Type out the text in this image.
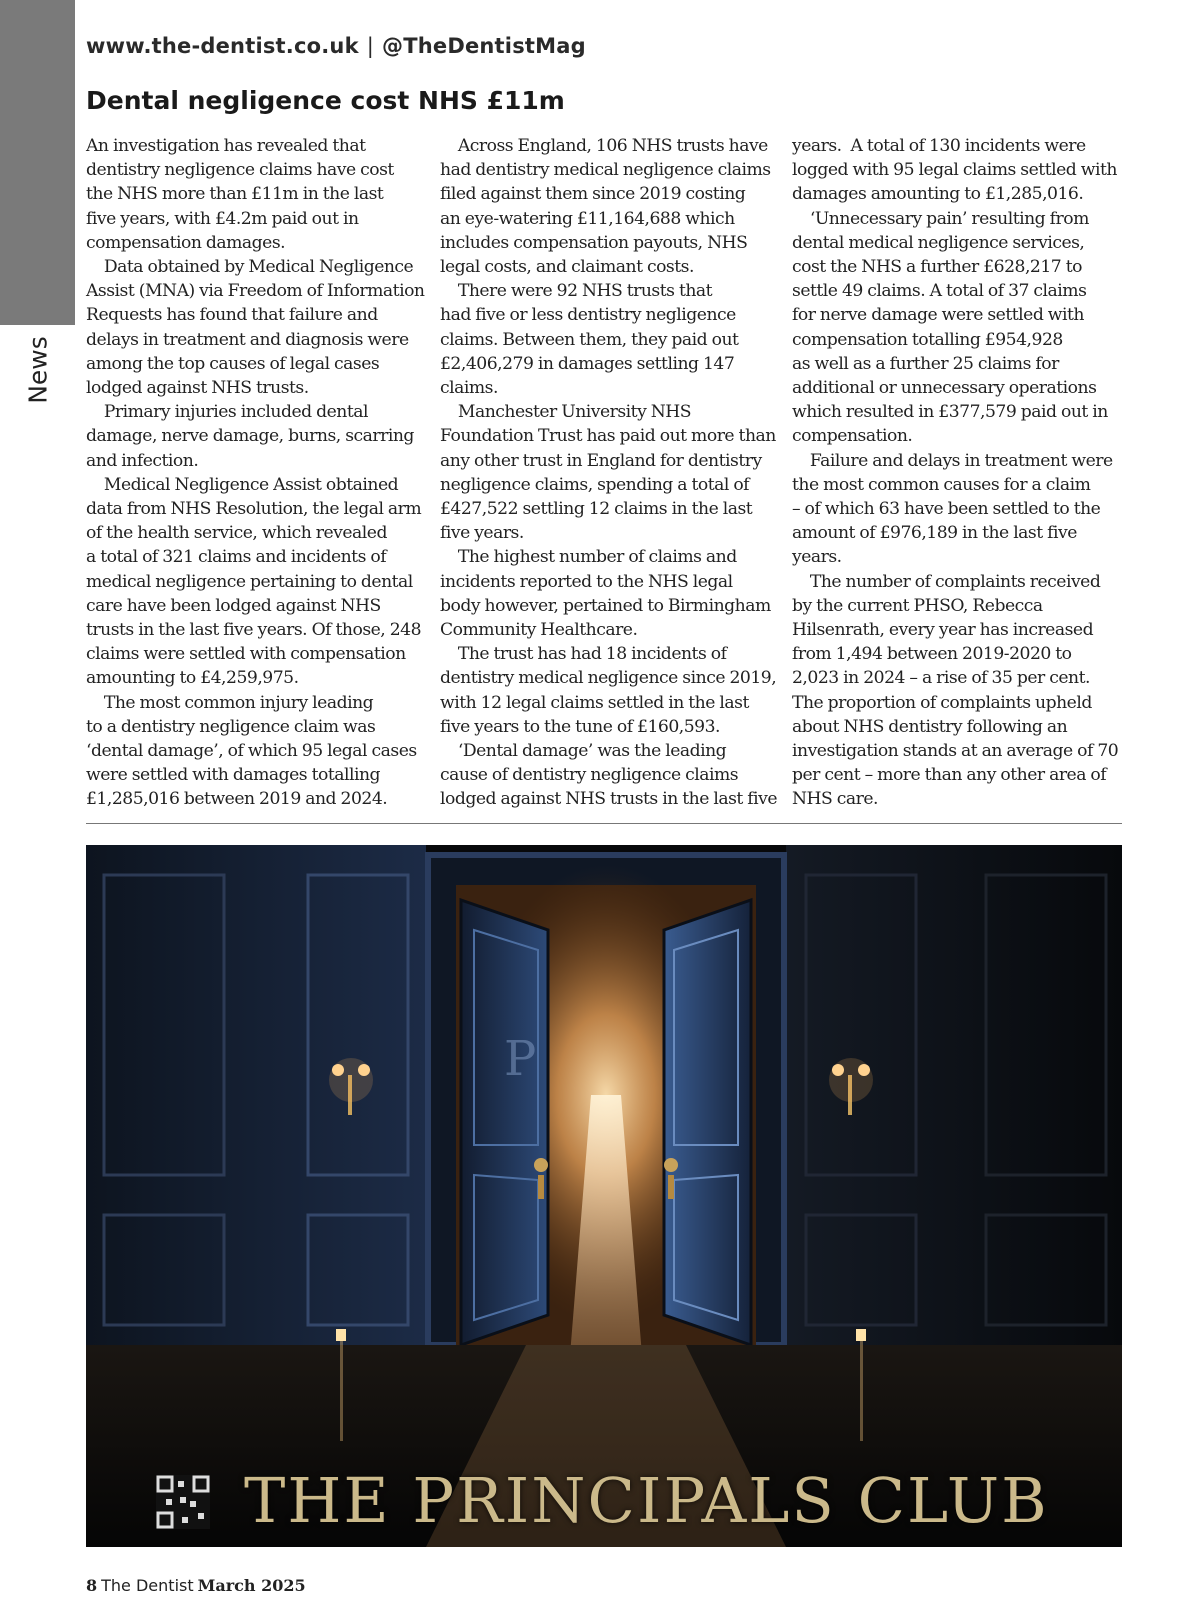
News
www.the-dentist.co.uk | @TheDentistMag
Dental negligence cost NHS £11m

An investigation has revealed that
dentistry negligence claims have cost
the NHS more than £11m in the last
five years, with £4.2m paid out in
compensation damages.

Data obtained by Medical Negligence
Assist (MNA) via Freedom of Information
Requests has found that failure and
delays in treatment and diagnosis were
among the top causes of legal cases
lodged against NHS trusts.

Primary injuries included dental
damage, nerve damage, burns, scarring
and infection.

Medical Negligence Assist obtained
data from NHS Resolution, the legal arm
of the health service, which revealed
a total of 321 claims and incidents of
medical negligence pertaining to dental
care have been lodged against NHS
trusts in the last five years. Of those, 248
claims were settled with compensation
amounting to £4,259,975.

The most common injury leading
to a dentistry negligence claim was
‘dental damage’, of which 95 legal cases
were settled with damages totalling
£1,285,016 between 2019 and 2024.

Across England, 106 NHS trusts have
had dentistry medical negligence claims
filed against them since 2019 costing
an eye-watering £11,164,688 which
includes compensation payouts, NHS
legal costs, and claimant costs.

There were 92 NHS trusts that
had five or less dentistry negligence
claims. Between them, they paid out
£2,406,279 in damages settling 147
claims.

Manchester University NHS
Foundation Trust has paid out more than
any other trust in England for dentistry
negligence claims, spending a total of
£427,522 settling 12 claims in the last
five years.

The highest number of claims and
incidents reported to the NHS legal
body however, pertained to Birmingham
Community Healthcare.

The trust has had 18 incidents of
dentistry medical negligence since 2019,
with 12 legal claims settled in the last
five years to the tune of £160,593.

‘Dental damage’ was the leading
cause of dentistry negligence claims
lodged against NHS trusts in the last five

years.  A total of 130 incidents were
logged with 95 legal claims settled with
damages amounting to £1,285,016.

‘Unnecessary pain’ resulting from
dental medical negligence services,
cost the NHS a further £628,217 to
settle 49 claims. A total of 37 claims
for nerve damage were settled with
compensation totalling £954,928
as well as a further 25 claims for
additional or unnecessary operations
which resulted in £377,579 paid out in
compensation.

Failure and delays in treatment were
the most common causes for a claim
– of which 63 have been settled to the
amount of £976,189 in the last five
years.

The number of complaints received
by the current PHSO, Rebecca
Hilsenrath, every year has increased
from 1,494 between 2019-2020 to
2,023 in 2024 – a rise of 35 per cent.
The proportion of complaints upheld
about NHS dentistry following an
investigation stands at an average of 70
per cent – more than any other area of
NHS care.

P
THE PRINCIPALS CLUB
8 The Dentist March 2025
